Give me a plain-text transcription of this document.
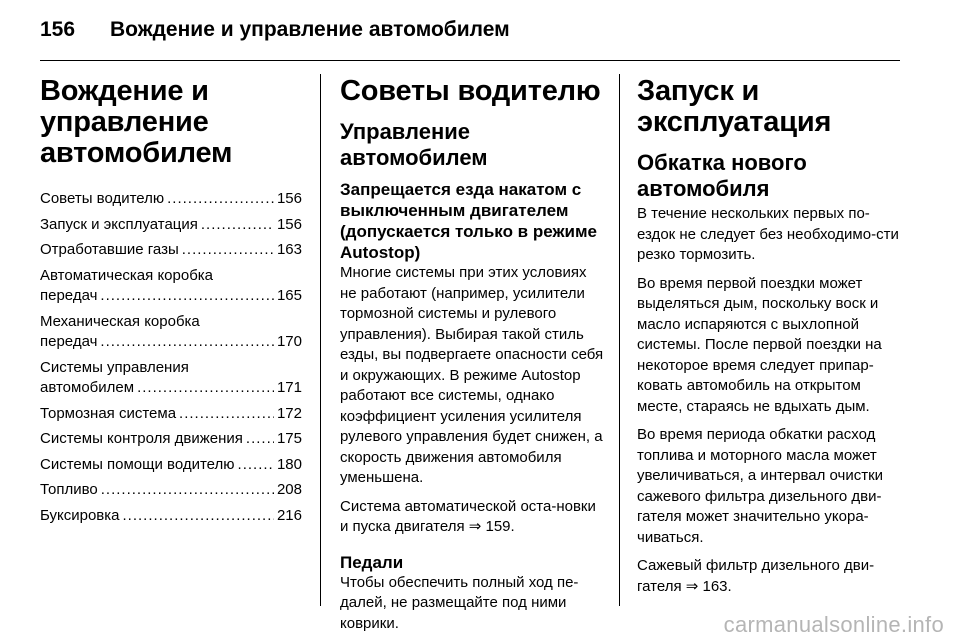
156	Вождение и управление автомобилем
Вождение и управление автомобилем
Советы водителю .....	156
Запуск и эксплуатация .....	156
Отработавшие газы .....	163
Автоматическая коробка
передач .....	165
Механическая коробка
передач .....	170
Системы управления
автомобилем .....	171
Тормозная система .....	172
Системы контроля движения ..... 175
Системы помощи водителю .....	180
Топливо .....	208
Буксировка .....	216
Советы водителю
Управление автомобилем
Запрещается езда накатом с выключенным двигателем (допускается только в режиме Autostop)

Многие системы при этих условиях не работают (например, усилители тормозной системы и рулевого управления). Выбирая такой стиль езды, вы подвергаете опасности себя и окружающих. В режиме Autostop работают все системы, однако коэффициент усиления усилителя рулевого управления будет снижен, а скорость движения автомобиля уменьшена.

Система автоматической оста-новки и пуска двигателя ⇒ 159.

Педали

Чтобы обеспечить полный ход пе-далей, не размещайте под ними коврики.

Запуск и эксплуатация
Обкатка нового автомобиля

В течение нескольких первых по-ездок не следует без необходимо-сти резко тормозить.

Во время первой поездки может выделяться дым, поскольку воск и масло испаряются с выхлопной системы. После первой поездки на некоторое время следует припар-ковать автомобиль на открытом месте, стараясь не вдыхать дым.

Во время периода обкатки расход топлива и моторного масла может увеличиваться, а интервал очистки сажевого фильтра дизельного дви-гателя может значительно укора-чиваться.

Сажевый фильтр дизельного дви-гателя ⇒ 163.

carmanualsonline.info
